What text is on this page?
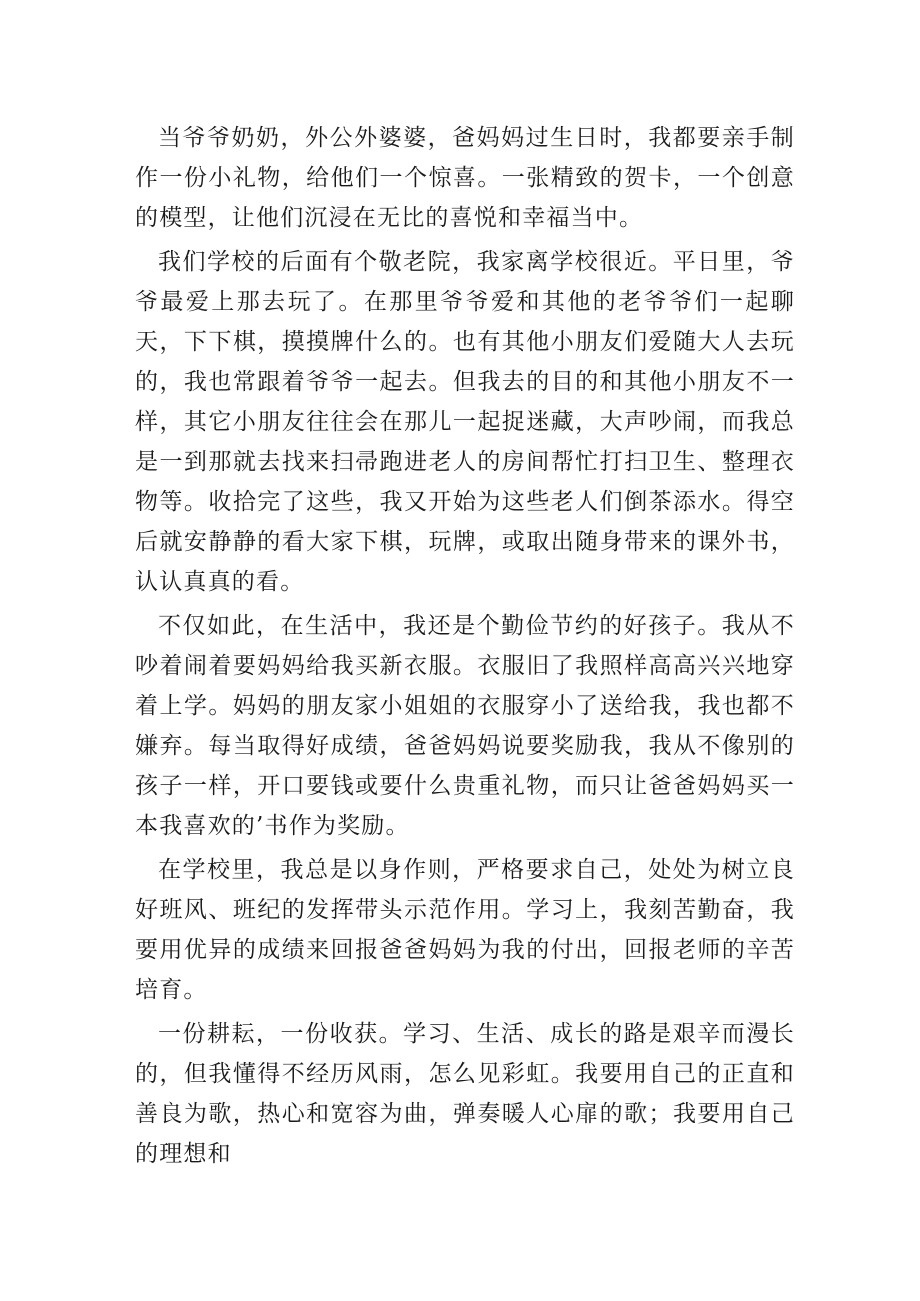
当爷爷奶奶，外公外婆婆，爸妈妈过生日时，我都要亲手制作一份小礼物，给他们一个惊喜。一张精致的贺卡，一个创意的模型，让他们沉浸在无比的喜悦和幸福当中。

我们学校的后面有个敬老院，我家离学校很近。平日里，爷爷最爱上那去玩了。在那里爷爷爱和其他的老爷爷们一起聊天，下下棋，摸摸牌什么的。也有其他小朋友们爱随大人去玩的，我也常跟着爷爷一起去。但我去的目的和其他小朋友不一样，其它小朋友往往会在那儿一起捉迷藏，大声吵闹，而我总是一到那就去找来扫帚跑进老人的房间帮忙打扫卫生、整理衣物等。收拾完了这些，我又开始为这些老人们倒茶添水。得空后就安静静的看大家下棋，玩牌，或取出随身带来的课外书，认认真真的看。

不仅如此，在生活中，我还是个勤俭节约的好孩子。我从不吵着闹着要妈妈给我买新衣服。衣服旧了我照样高高兴兴地穿着上学。妈妈的朋友家小姐姐的衣服穿小了送给我，我也都不嫌弃。每当取得好成绩，爸爸妈妈说要奖励我，我从不像别的孩子一样，开口要钱或要什么贵重礼物，而只让爸爸妈妈买一本我喜欢的’书作为奖励。

在学校里，我总是以身作则，严格要求自己，处处为树立良好班风、班纪的发挥带头示范作用。学习上，我刻苦勤奋，我要用优异的成绩来回报爸爸妈妈为我的付出，回报老师的辛苦培育。

一份耕耘，一份收获。学习、生活、成长的路是艰辛而漫长的，但我懂得不经历风雨，怎么见彩虹。我要用自己的正直和善良为歌，热心和宽容为曲，弹奏暖人心扉的歌；我要用自己的理想和
